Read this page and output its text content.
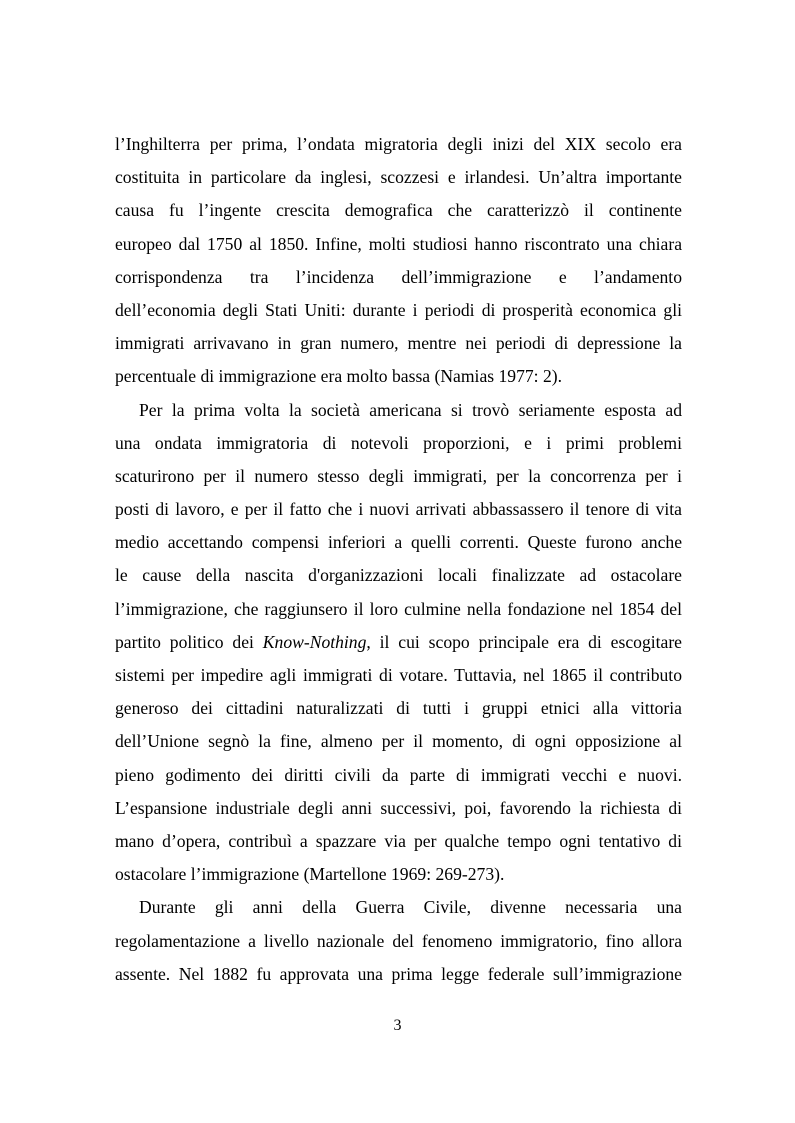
l’Inghilterra per prima, l’ondata migratoria degli inizi del XIX secolo era
costituita in particolare da inglesi, scozzesi e irlandesi. Un’altra importante
causa fu l’ingente crescita demografica che caratterizzò il continente
europeo dal 1750 al 1850. Infine, molti studiosi hanno riscontrato una chiara
corrispondenza tra l’incidenza dell’immigrazione e l’andamento
dell’economia degli Stati Uniti: durante i periodi di prosperità economica gli
immigrati arrivavano in gran numero, mentre nei periodi di depressione la
percentuale di immigrazione era molto bassa (Namias 1977: 2).
Per la prima volta la società americana si trovò seriamente esposta ad
una ondata immigratoria di notevoli proporzioni, e i primi problemi
scaturirono per il numero stesso degli immigrati, per la concorrenza per i
posti di lavoro, e per il fatto che i nuovi arrivati abbassassero il tenore di vita
medio accettando compensi inferiori a quelli correnti. Queste furono anche
le cause della nascita d'organizzazioni locali finalizzate ad ostacolare
l’immigrazione, che raggiunsero il loro culmine nella fondazione nel 1854 del
partito politico dei Know-Nothing, il cui scopo principale era di escogitare
sistemi per impedire agli immigrati di votare. Tuttavia, nel 1865 il contributo
generoso dei cittadini naturalizzati di tutti i gruppi etnici alla vittoria
dell’Unione segnò la fine, almeno per il momento, di ogni opposizione al
pieno godimento dei diritti civili da parte di immigrati vecchi e nuovi.
L’espansione industriale degli anni successivi, poi, favorendo la richiesta di
mano d’opera, contribuì a spazzare via per qualche tempo ogni tentativo di
ostacolare l’immigrazione (Martellone 1969: 269-273).
Durante gli anni della Guerra Civile, divenne necessaria una
regolamentazione a livello nazionale del fenomeno immigratorio, fino allora
assente. Nel 1882 fu approvata una prima legge federale sull’immigrazione
3
